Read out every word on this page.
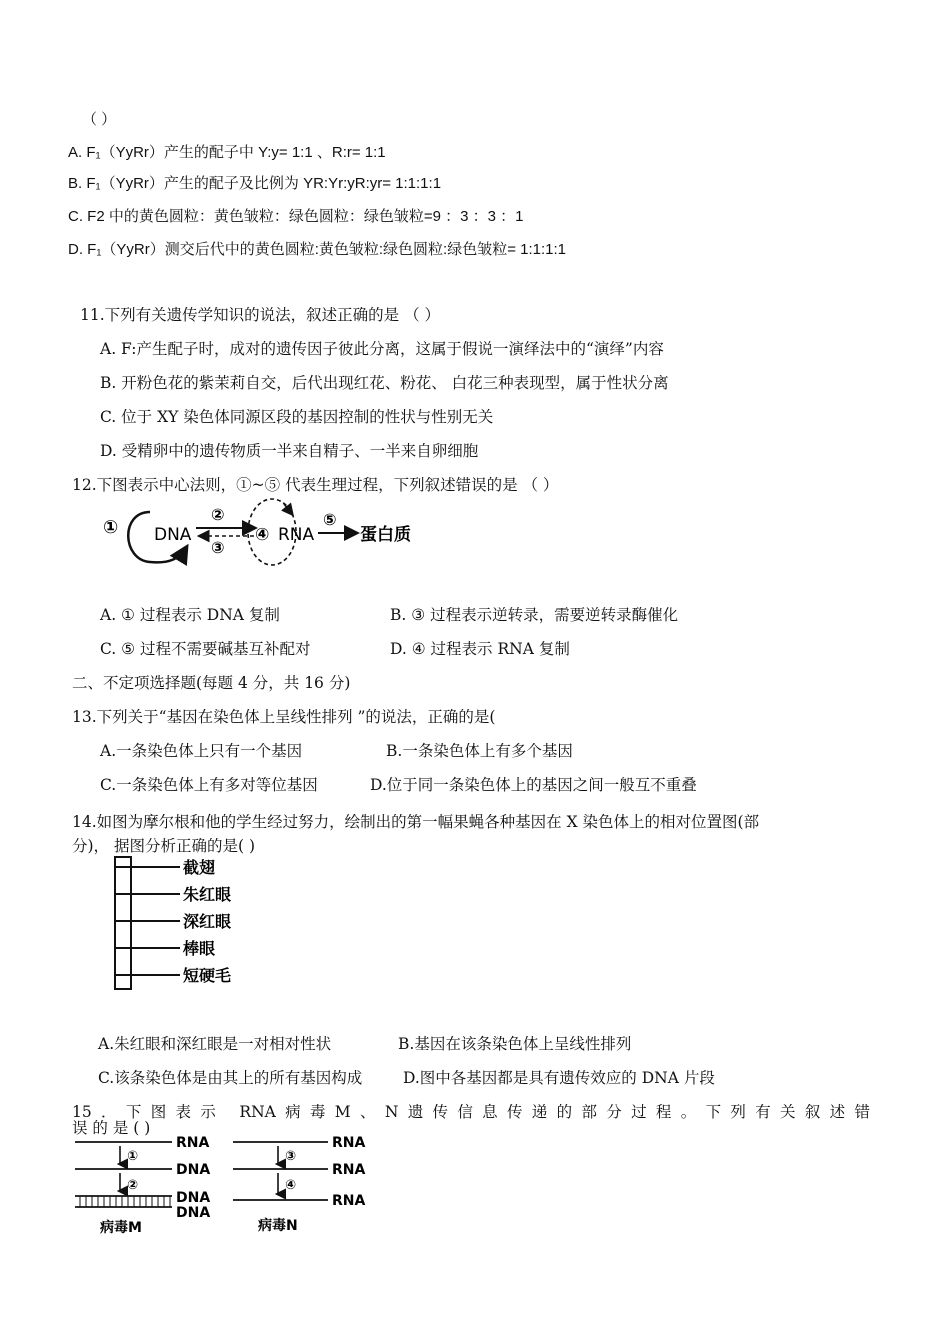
（ ）
A. F₁（YyRr）产生的配子中 Y:y= 1:1 、R:r= 1:1
B. F₁（YyRr）产生的配子及比例为 YR:Yr:yR:yr= 1:1:1:1
C. F2 中的黄色圆粒：黄色皱粒：绿色圆粒：绿色皱粒=9 ：3 ：3 ：1
D. F₁（YyRr）测交后代中的黄色圆粒:黄色皱粒:绿色圆粒:绿色皱粒= 1:1:1:1
11.下列有关遗传学知识的说法，叙述正确的是 （ ）
A. F:产生配子时，成对的遗传因子彼此分离，这属于假说一演绎法中的“演绎”内容
B. 开粉色花的紫茉莉自交，后代出现红花、粉花、 白花三种表现型，属于性状分离
C. 位于 XY 染色体同源区段的基因控制的性状与性别无关
D. 受精卵中的遗传物质一半来自精子、一半来自卵细胞
12.下图表示中心法则，①~⑤ 代表生理过程，下列叙述错误的是 （ ）
① DNA
②
③
④ RNA
⑤
蛋白质
A. ① 过程表示 DNA 复制	B. ③ 过程表示逆转录，需要逆转录酶催化
C. ⑤ 过程不需要碱基互补配对	D. ④ 过程表示 RNA 复制
二、不定项选择题(每题 4 分，共 16 分)
13.下列关于“基因在染色体上呈线性排列 ”的说法，正确的是(
A.一条染色体上只有一个基因	B.一条染色体上有多个基因
C.一条染色体上有多对等位基因	D.位于同一条染色体上的基因之间一般互不重叠
14.如图为摩尔根和他的学生经过努力，绘制出的第一幅果蝇各种基因在 X 染色体上的相对位置图(部
分)， 据图分析正确的是( )
截翅
朱红眼
深红眼
棒眼
短硬毛
A.朱红眼和深红眼是一对相对性状	B.基因在该条染色体上呈线性排列
C.该条染色体是由其上的所有基因构成	D.图中各基因都是具有遗传效应的 DNA 片段
15．下图表示 RNA病毒M、N遗传信息传递的部分过程。下列有关叙述错
误 的 是 ( )
RNA
①
DNA
②
DNA
DNA
病毒M
RNA
③
RNA
④
RNA
病毒N
